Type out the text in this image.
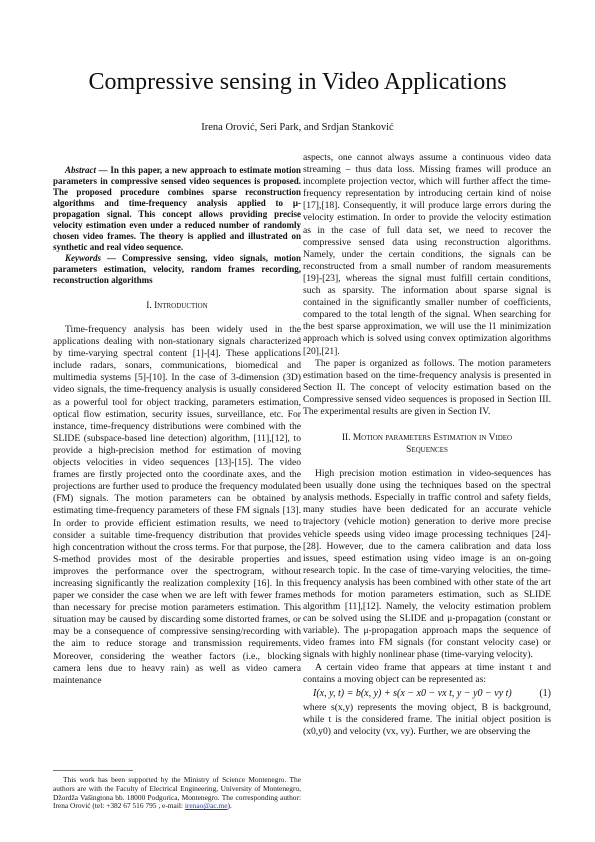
Compressive sensing in Video Applications
Irena Orović, Seri Park, and Srdjan Stanković

Abstract — In this paper, a new approach to estimate motion parameters in compressive sensed video sequences is proposed. The proposed procedure combines sparse reconstruction algorithms and time-frequency analysis applied to μ-propagation signal. This concept allows providing precise velocity estimation even under a reduced number of randomly chosen video frames. The theory is applied and illustrated on synthetic and real video sequence.

Keywords — Compressive sensing, video signals, motion parameters estimation, velocity, random frames recording, reconstruction algorithms

I. Introduction

Time-frequency analysis has been widely used in the applications dealing with non-stationary signals characterized by time-varying spectral content [1]-[4]. These applications include radars, sonars, communications, biomedical and multimedia systems [5]-[10]. In the case of 3-dimension (3D) video signals, the time-frequency analysis is usually considered as a powerful tool for object tracking, parameters estimation, optical flow estimation, security issues, surveillance, etc. For instance, time-frequency distributions were combined with the SLIDE (subspace-based line detection) algorithm, [11],[12], to provide a high-precision method for estimation of moving objects velocities in video sequences [13]-[15]. The video frames are firstly projected onto the coordinate axes, and the projections are further used to produce the frequency modulated (FM) signals. The motion parameters can be obtained by estimating time-frequency parameters of these FM signals [13]. In order to provide efficient estimation results, we need to consider a suitable time-frequency distribution that provides high concentration without the cross terms. For that purpose, the S-method provides most of the desirable properties and improves the performance over the spectrogram, without increasing significantly the realization complexity [16]. In this paper we consider the case when we are left with fewer frames than necessary for precise motion parameters estimation. This situation may be caused by discarding some distorted frames, or may be a consequence of compressive sensing/recording with the aim to reduce storage and transmission requirements. Moreover, considering the weather factors (i.e., blocking camera lens due to heavy rain) as well as video camera maintenance

aspects, one cannot always assume a continuous video data streaming – thus data loss. Missing frames will produce an incomplete projection vector, which will further affect the time-frequency representation by introducing certain kind of noise [17],[18]. Consequently, it will produce large errors during the velocity estimation. In order to provide the velocity estimation as in the case of full data set, we need to recover the compressive sensed data using reconstruction algorithms. Namely, under the certain conditions, the signals can be reconstructed from a small number of random measurements [19]-[23], whereas the signal must fulfill certain conditions, such as sparsity. The information about sparse signal is contained in the significantly smaller number of coefficients, compared to the total length of the signal. When searching for the best sparse approximation, we will use the l1 minimization approach which is solved using convex optimization algorithms [20],[21].

The paper is organized as follows. The motion parameters estimation based on the time-frequency analysis is presented in Section II. The concept of velocity estimation based on the Compressive sensed video sequences is proposed in Section III. The experimental results are given in Section IV.

II. Motion parameters Estimation in Video
Sequences

High precision motion estimation in video-sequences has been usually done using the techniques based on the spectral analysis methods. Especially in traffic control and safety fields, many studies have been dedicated for an accurate vehicle trajectory (vehicle motion) generation to derive more precise vehicle speeds using video image processing techniques [24]-[28]. However, due to the camera calibration and data loss issues, speed estimation using video image is an on-going research topic. In the case of time-varying velocities, the time-frequency analysis has been combined with other state of the art methods for motion parameters estimation, such as SLIDE algorithm [11],[12]. Namely, the velocity estimation problem can be solved using the SLIDE and μ-propagation (constant or variable). The μ-propagation approach maps the sequence of video frames into FM signals (for constant velocity case) or signals with highly nonlinear phase (time-varying velocity).

A certain video frame that appears at time instant t and contains a moving object can be represented as:

I(x, y, t) = b(x, y) + s(x − x0 − vx t, y − y0 − vy t)	(1)

where s(x,y) represents the moving object, B is background, while t is the considered frame. The initial object position is (x0,y0) and velocity (vx, vy). Further, we are observing the

This work has been supported by the Ministry of Science Montenegro. The authors are with the Faculty of Electrical Engineering, University of Montenegro, Džordža Vašingtona bb. 18000 Podgorica, Montenegro. The corresponding author: Irena Orović (tel: +382 67 516 795 , e-mail: irenao@ac.me).
